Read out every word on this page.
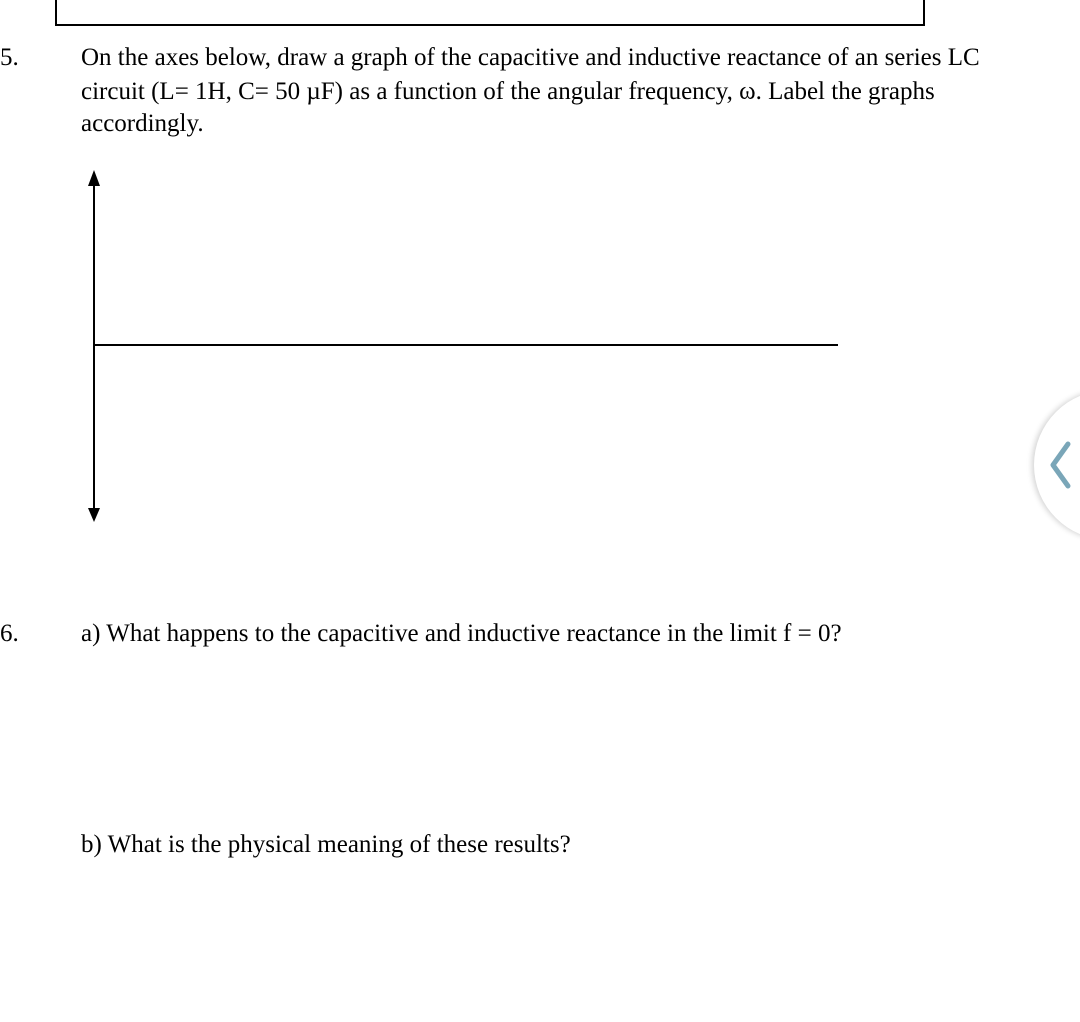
5. On the axes below, draw a graph of the capacitive and inductive reactance of an series LC
circuit (L= 1H, C= 50 µF) as a function of the angular frequency, ω. Label the graphs
accordingly.
6. a) What happens to the capacitive and inductive reactance in the limit f = 0?
b) What is the physical meaning of these results?
